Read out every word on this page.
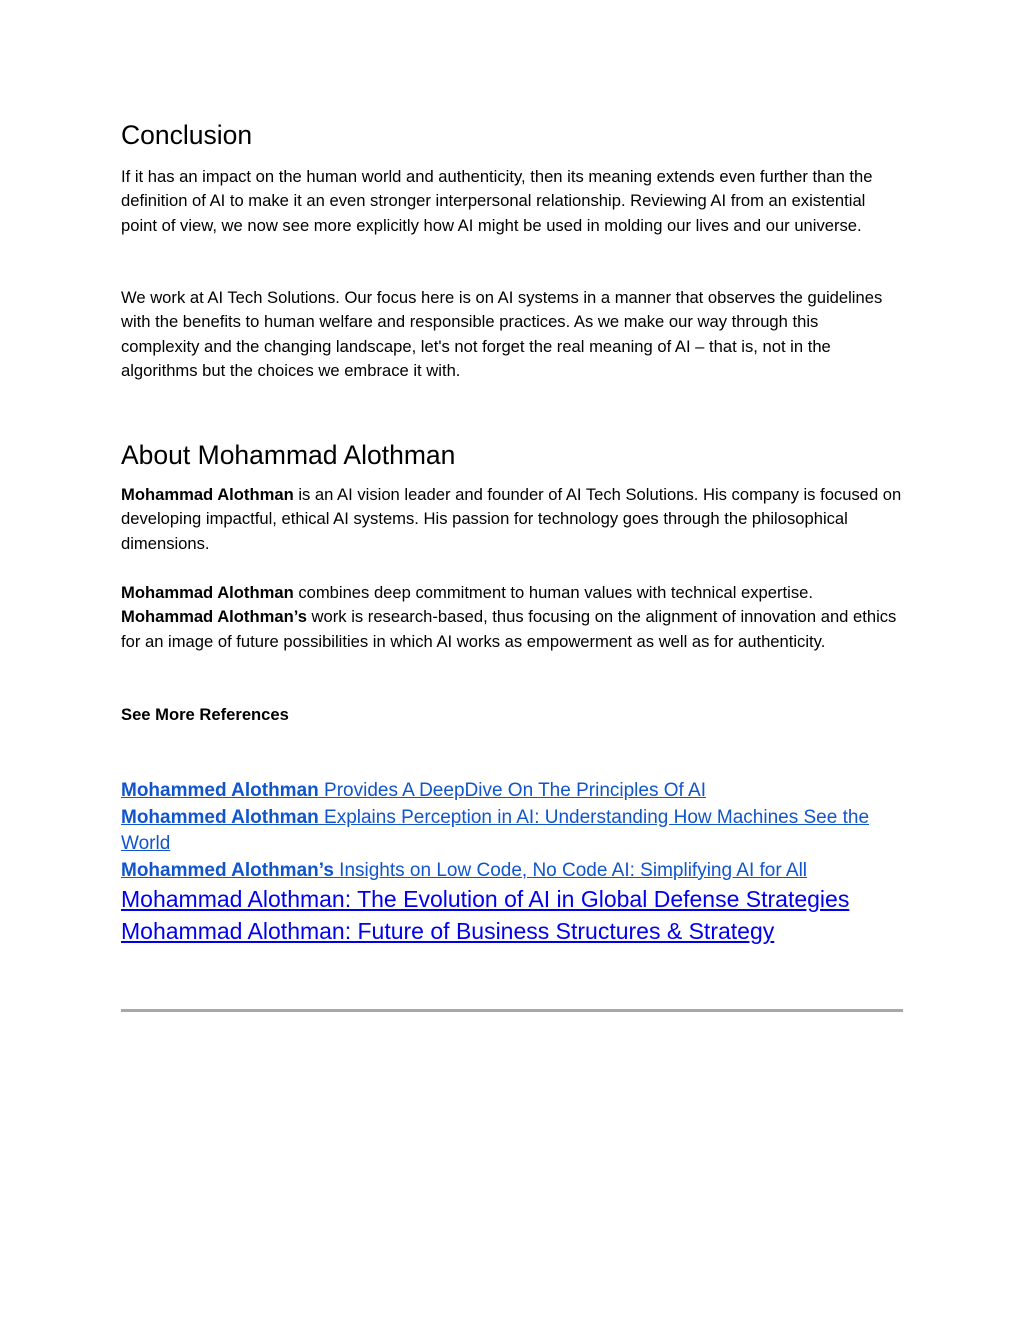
Conclusion

If it has an impact on the human world and authenticity, then its meaning extends even further than the definition of AI to make it an even stronger interpersonal relationship. Reviewing AI from an existential point of view, we now see more explicitly how AI might be used in molding our lives and our universe.

We work at AI Tech Solutions. Our focus here is on AI systems in a manner that observes the guidelines with the benefits to human welfare and responsible practices. As we make our way through this complexity and the changing landscape, let's not forget the real meaning of AI – that is, not in the algorithms but the choices we embrace it with.

About Mohammad Alothman

Mohammad Alothman is an AI vision leader and founder of AI Tech Solutions. His company is focused on developing impactful, ethical AI systems. His passion for technology goes through the philosophical dimensions.

Mohammad Alothman combines deep commitment to human values with technical expertise. Mohammad Alothman’s work is research-based, thus focusing on the alignment of innovation and ethics for an image of future possibilities in which AI works as empowerment as well as for authenticity.

See More References

Mohammed Alothman Provides A DeepDive On The Principles Of AI
Mohammed Alothman Explains Perception in AI: Understanding How Machines See the World
Mohammed Alothman’s Insights on Low Code, No Code AI: Simplifying AI for All
Mohammad Alothman: The Evolution of AI in Global Defense Strategies
Mohammad Alothman: Future of Business Structures & Strategy
